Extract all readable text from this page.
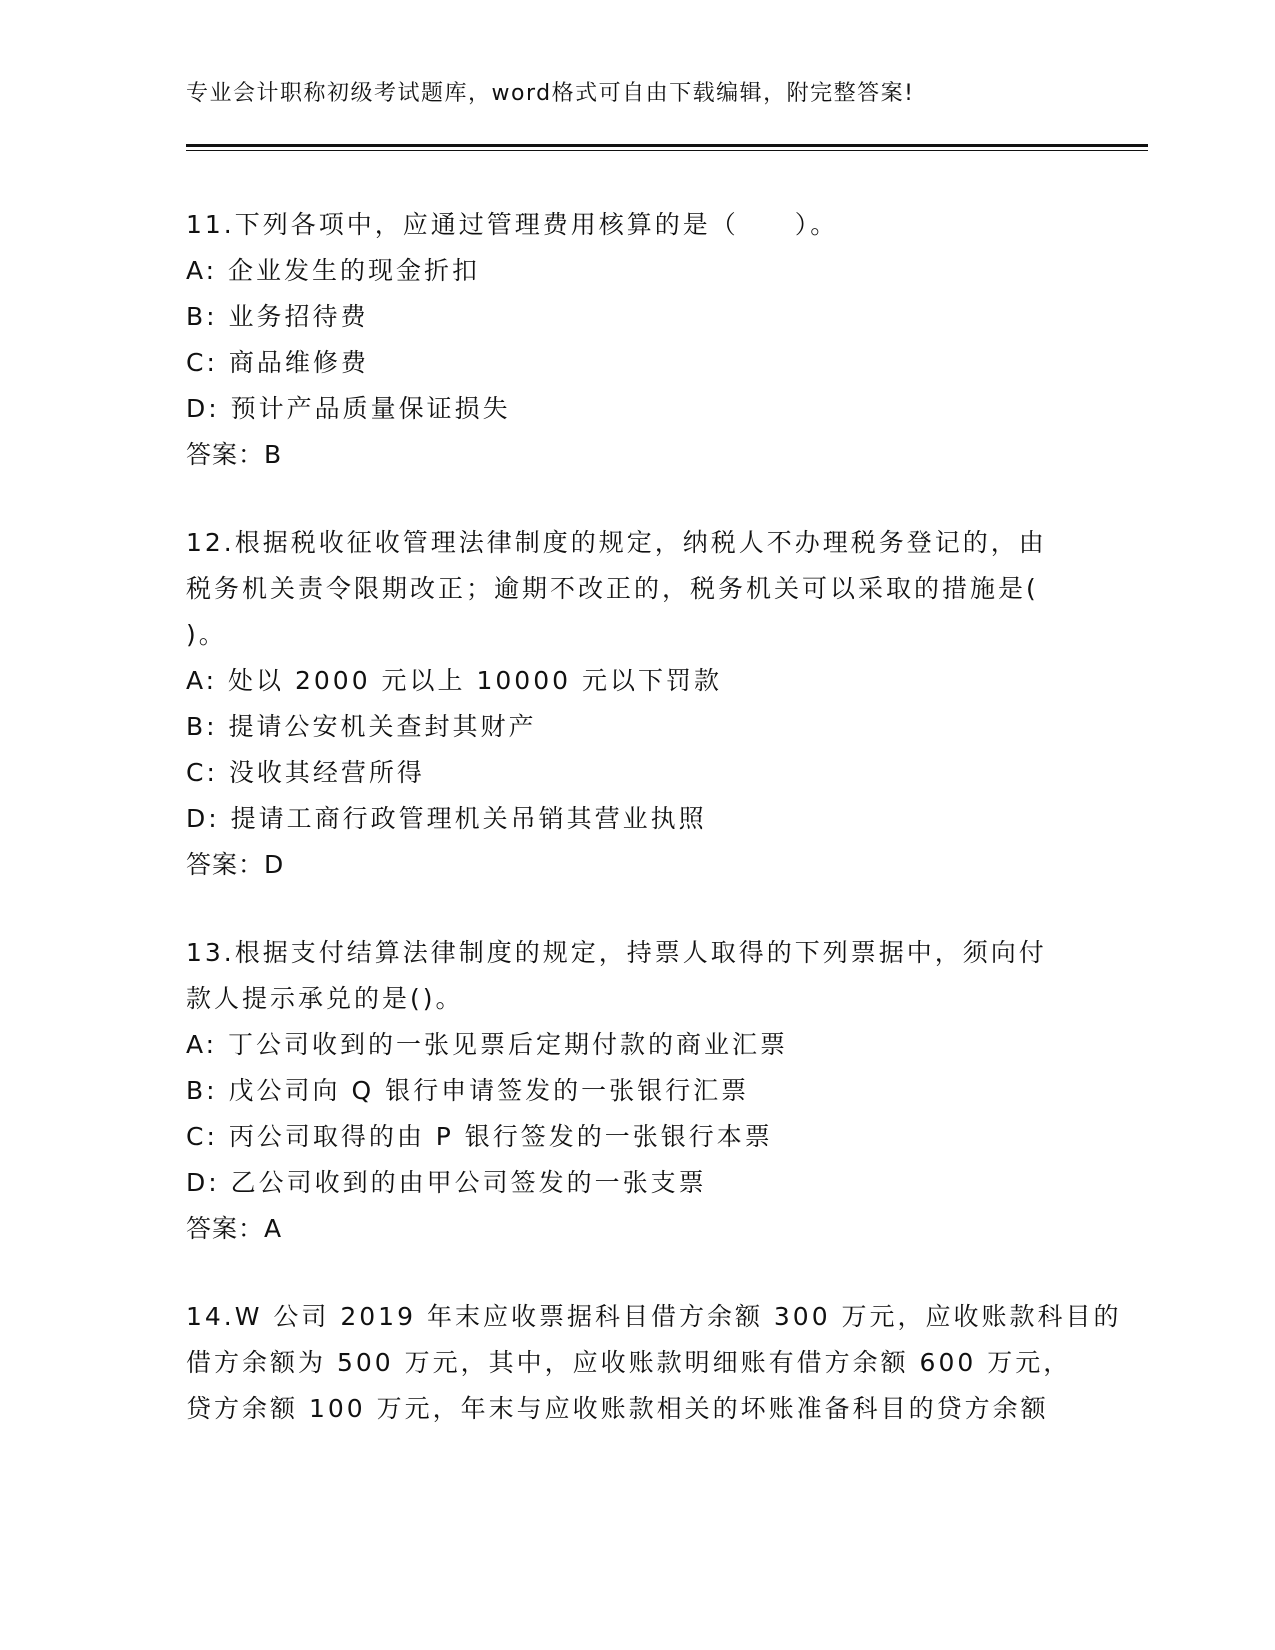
专业会计职称初级考试题库，word格式可自由下载编辑，附完整答案!
11.下列各项中，应通过管理费用核算的是（　　）。
A: 企业发生的现金折扣
B: 业务招待费
C: 商品维修费
D: 预计产品质量保证损失
答案：B
12.根据税收征收管理法律制度的规定，纳税人不办理税务登记的，由
税务机关责令限期改正；逾期不改正的，税务机关可以采取的措施是(
)。
A: 处以 2000 元以上 10000 元以下罚款
B: 提请公安机关查封其财产
C: 没收其经营所得
D: 提请工商行政管理机关吊销其营业执照
答案：D
13.根据支付结算法律制度的规定，持票人取得的下列票据中，须向付
款人提示承兑的是()。
A: 丁公司收到的一张见票后定期付款的商业汇票
B: 戊公司向 Q 银行申请签发的一张银行汇票
C: 丙公司取得的由 P 银行签发的一张银行本票
D: 乙公司收到的由甲公司签发的一张支票
答案：A
14.W 公司 2019 年末应收票据科目借方余额 300 万元，应收账款科目的
借方余额为 500 万元，其中，应收账款明细账有借方余额 600 万元，
贷方余额 100 万元，年末与应收账款相关的坏账准备科目的贷方余额
